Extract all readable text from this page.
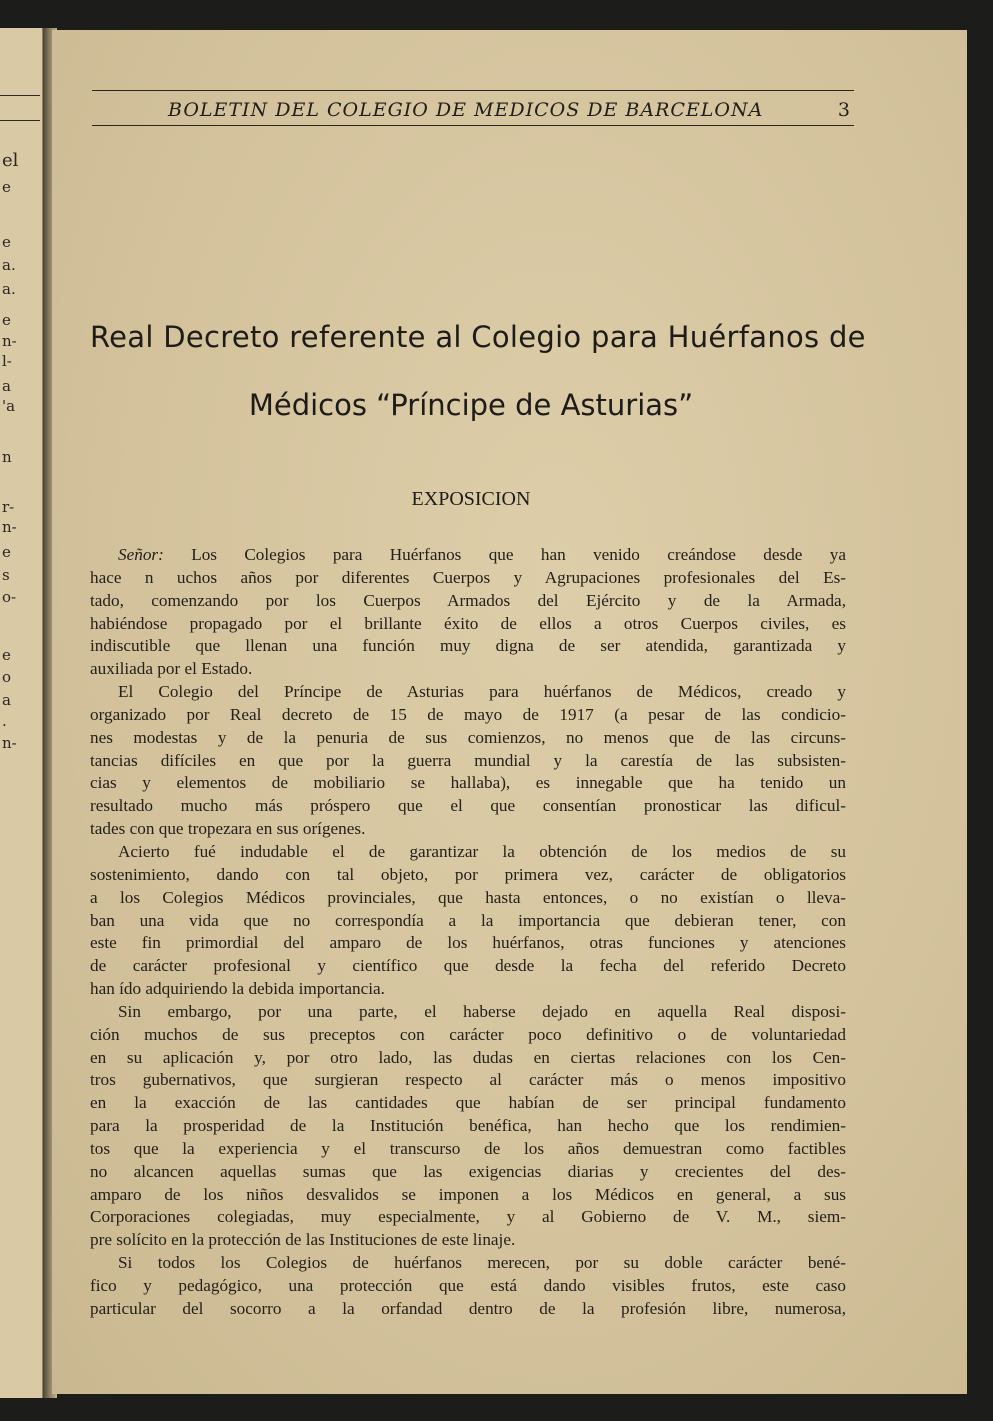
el
e
e
a.
a.
e
n-
l-
a
'a
n
r-
n-
e
s
o-
e
o
a
.
n-
BOLETIN DEL COLEGIO DE MEDICOS DE BARCELONA	3
Real Decreto referente al Colegio para Huérfanos de
Médicos “Príncipe de Asturias”
EXPOSICION
Señor: Los Colegios para Huérfanos que han venido creándose desde ya
hace n uchos años por diferentes Cuerpos y Agrupaciones profesionales del Es-
tado, comenzando por los Cuerpos Armados del Ejército y de la Armada,
habiéndose propagado por el brillante éxito de ellos a otros Cuerpos civiles, es
indiscutible que llenan una función muy digna de ser atendida, garantizada y
auxiliada por el Estado.
El Colegio del Príncipe de Asturias para huérfanos de Médicos, creado y
organizado por Real decreto de 15 de mayo de 1917 (a pesar de las condicio-
nes modestas y de la penuria de sus comienzos, no menos que de las circuns-
tancias difíciles en que por la guerra mundial y la carestía de las subsisten-
cias y elementos de mobiliario se hallaba), es innegable que ha tenido un
resultado mucho más próspero que el que consentían pronosticar las dificul-
tades con que tropezara en sus orígenes.
Acierto fué indudable el de garantizar la obtención de los medios de su
sostenimiento, dando con tal objeto, por primera vez, carácter de obligatorios
a los Colegios Médicos provinciales, que hasta entonces, o no existían o lleva-
ban una vida que no correspondía a la importancia que debieran tener, con
este fin primordial del amparo de los huérfanos, otras funciones y atenciones
de carácter profesional y científico que desde la fecha del referido Decreto
han ído adquiriendo la debida importancia.
Sin embargo, por una parte, el haberse dejado en aquella Real disposi-
ción muchos de sus preceptos con carácter poco definitivo o de voluntariedad
en su aplicación y, por otro lado, las dudas en ciertas relaciones con los Cen-
tros gubernativos, que surgieran respecto al carácter más o menos impositivo
en la exacción de las cantidades que habían de ser principal fundamento
para la prosperidad de la Institución benéfica, han hecho que los rendimien-
tos que la experiencia y el transcurso de los años demuestran como factibles
no alcancen aquellas sumas que las exigencias diarias y crecientes del des-
amparo de los niños desvalidos se imponen a los Médicos en general, a sus
Corporaciones colegiadas, muy especialmente, y al Gobierno de V. M., siem-
pre solícito en la protección de las Instituciones de este linaje.
Si todos los Colegios de huérfanos merecen, por su doble carácter bené-
fico y pedagógico, una protección que está dando visibles frutos, este caso
particular del socorro a la orfandad dentro de la profesión libre, numerosa,
